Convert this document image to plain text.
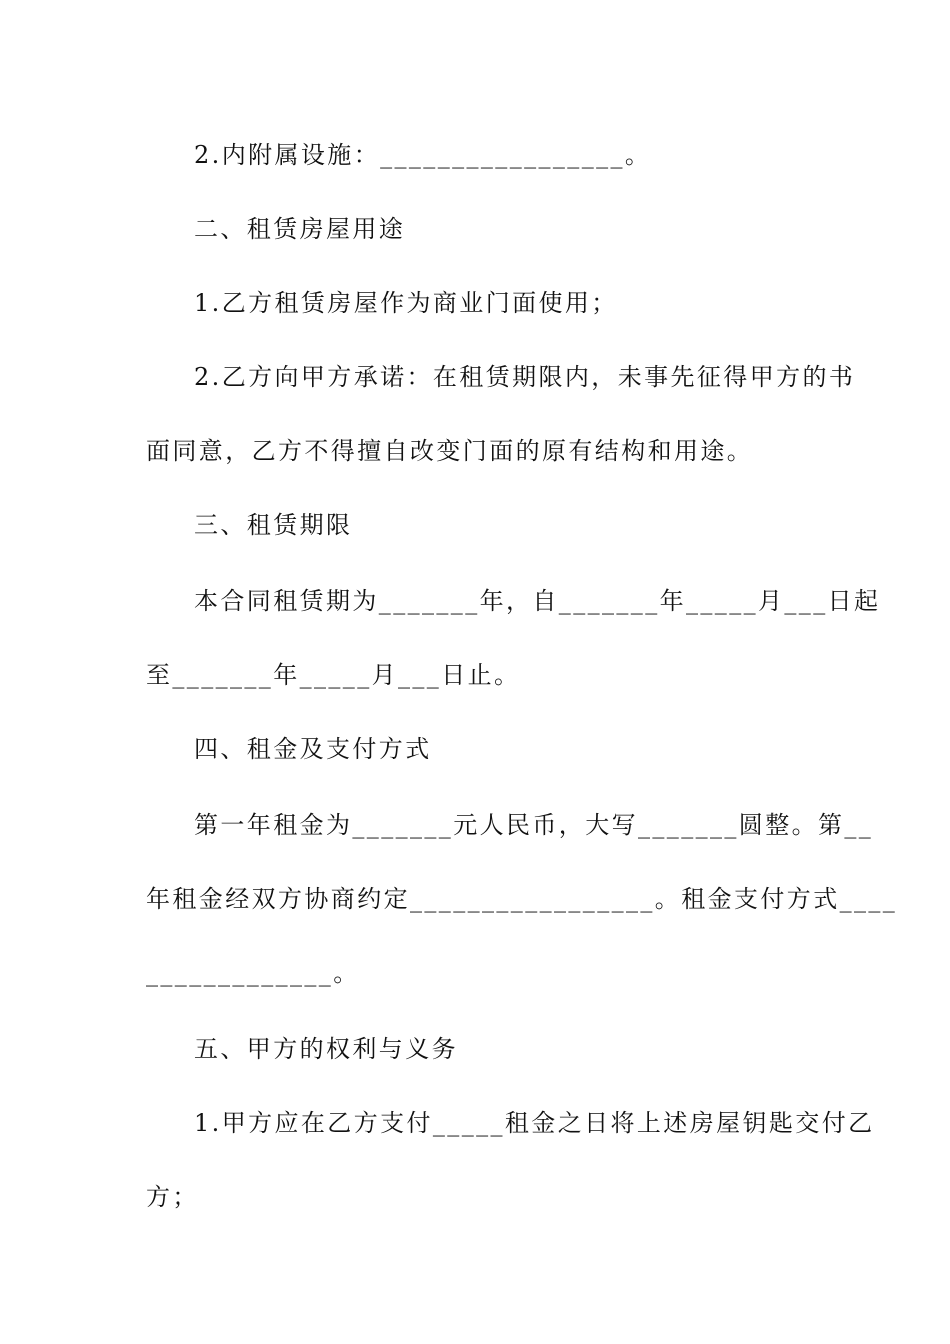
2.内附属设施：_________________。
二、租赁房屋用途
1.乙方租赁房屋作为商业门面使用；
2.乙方向甲方承诺：在租赁期限内，未事先征得甲方的书
面同意，乙方不得擅自改变门面的原有结构和用途。
三、租赁期限
本合同租赁期为_______年，自_______年_____月___日起
至_______年_____月___日止。
四、租金及支付方式
第一年租金为_______元人民币，大写_______圆整。第__
年租金经双方协商约定_________________。租金支付方式____
_____________。
五、甲方的权利与义务
1.甲方应在乙方支付_____租金之日将上述房屋钥匙交付乙
方；
